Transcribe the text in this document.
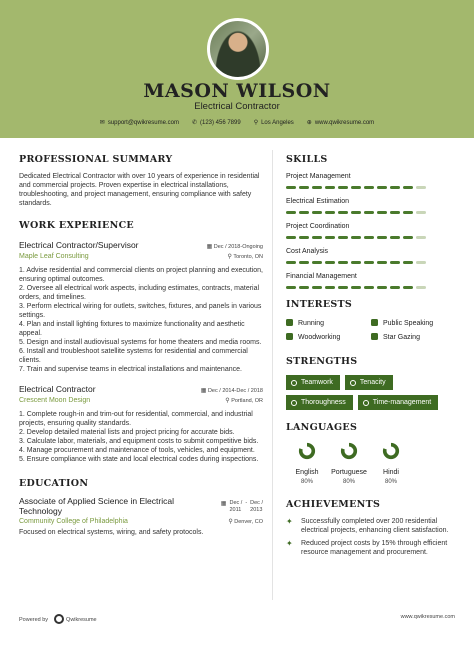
MASON WILSON
Electrical Contractor
✉ support@qwikresume.com ✆ (123) 456 7899 ⚲ Los Angeles ⊕ www.qwikresume.com
PROFESSIONAL SUMMARY
Dedicated Electrical Contractor with over 10 years of experience in residential and commercial projects. Proven expertise in electrical installations, troubleshooting, and project management, ensuring compliance with safety standards.
WORK EXPERIENCE
Electrical Contractor/Supervisor	▦ Dec / 2018-Ongoing
Maple Leaf Consulting	⚲ Toronto, ON
1. Advise residential and commercial clients on project planning and execution, ensuring optimal outcomes.
2. Oversee all electrical work aspects, including estimates, contracts, material orders, and timelines.
3. Perform electrical wiring for outlets, switches, fixtures, and panels in various settings.
4. Plan and install lighting fixtures to maximize functionality and aesthetic appeal.
5. Design and install audiovisual systems for home theaters and media rooms.
6. Install and troubleshoot satellite systems for residential and commercial clients.
7. Train and supervise teams in electrical installations and maintenance.
Electrical Contractor	▦ Dec / 2014-Dec / 2018
Crescent Moon Design	⚲ Portland, OR
1. Complete rough-in and trim-out for residential, commercial, and industrial projects, ensuring quality standards.
2. Develop detailed material lists and project pricing for accurate bids.
3. Calculate labor, materials, and equipment costs to submit competitive bids.
4. Manage procurement and maintenance of tools, vehicles, and equipment.
5. Ensure compliance with state and local electrical codes during inspections.
EDUCATION
Associate of Applied Science in Electrical Technology
▦ Dec /
2011
- Dec /
2013
Community College of Philadelphia	⚲ Denver, CO
Focused on electrical systems, wiring, and safety protocols.
SKILLS
Project Management
Electrical Estimation
Project Coordination
Cost Analysis
Financial Management
INTERESTS
Running	Public Speaking
Woodworking	Star Gazing
STRENGTHS
Teamwork	Tenacity
Thoroughness	Time-management
LANGUAGES
English
80%
Portuguese
80%
Hindi
80%
ACHIEVEMENTS
✦	Successfully completed over 200 residential electrical projects, enhancing client satisfaction.
✦	Reduced project costs by 15% through efficient resource management and procurement.
Powered by	Qwikresume	www.qwikresume.com
